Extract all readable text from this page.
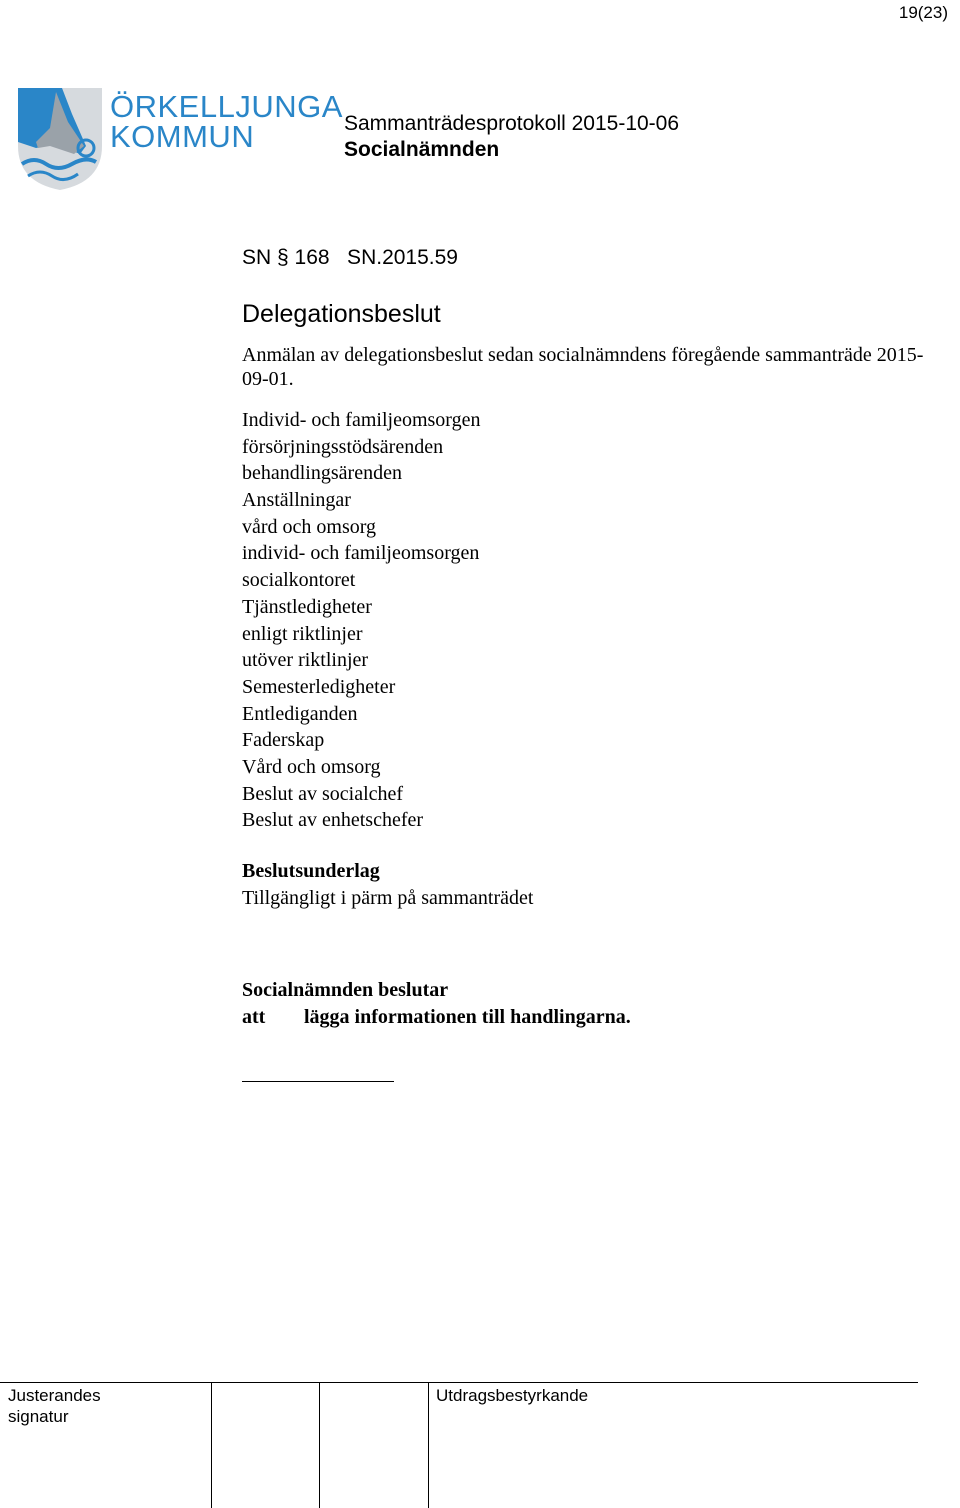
19(23)
ÖRKELLJUNGA
KOMMUN	Sammanträdesprotokoll 2015-10-06
Socialnämnden
SN § 168   SN.2015.59
Delegationsbeslut
Anmälan av delegationsbeslut sedan socialnämndens föregående sammanträde 2015-09-01.
Individ- och familjeomsorgen
försörjningsstödsärenden
behandlingsärenden
Anställningar
vård och omsorg
individ- och familjeomsorgen
socialkontoret
Tjänstledigheter
enligt riktlinjer
utöver riktlinjer
Semesterledigheter
Entlediganden
Faderskap
Vård och omsorg
Beslut av socialchef
Beslut av enhetschefer
Beslutsunderlag
Tillgängligt i pärm på sammanträdet
Socialnämnden beslutar
att lägga informationen till handlingarna.
Justerandes
signatur
Utdragsbestyrkande
